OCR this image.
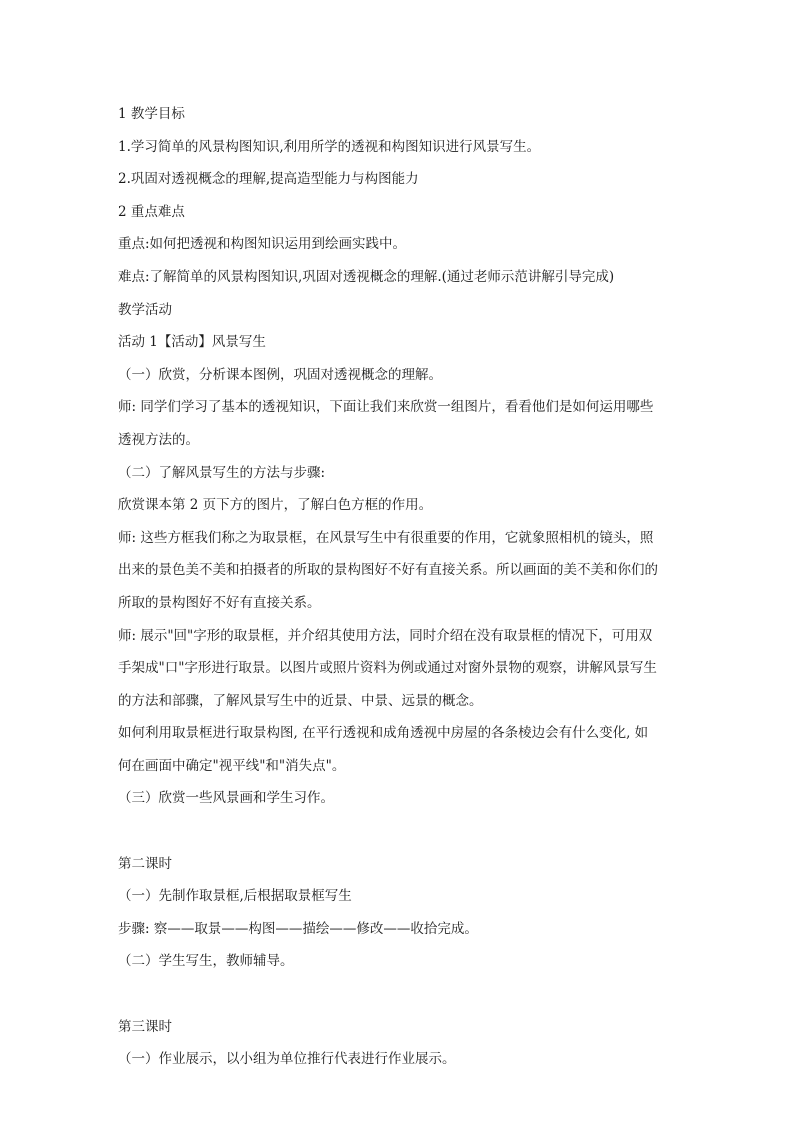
1 教学目标
1.学习简单的风景构图知识,利用所学的透视和构图知识进行风景写生。
2.巩固对透视概念的理解,提高造型能力与构图能力
2 重点难点
重点:如何把透视和构图知识运用到绘画实践中。
难点:了解简单的风景构图知识,巩固对透视概念的理解.(通过老师示范讲解引导完成)
教学活动
活动 1【活动】风景写生
（一）欣赏，分析课本图例，巩固对透视概念的理解。
师: 同学们学习了基本的透视知识，下面让我们来欣赏一组图片，看看他们是如何运用哪些
透视方法的。
（二）了解风景写生的方法与步骤:
欣赏课本第 2 页下方的图片，了解白色方框的作用。
师: 这些方框我们称之为取景框，在风景写生中有很重要的作用，它就象照相机的镜头，照
出来的景色美不美和拍摄者的所取的景构图好不好有直接关系。所以画面的美不美和你们的
所取的景构图好不好有直接关系。
师: 展示"回"字形的取景框，并介绍其使用方法，同时介绍在没有取景框的情况下，可用双
手架成"口"字形进行取景。以图片或照片资料为例或通过对窗外景物的观察，讲解风景写生
的方法和部骤，了解风景写生中的近景、中景、远景的概念。
如何利用取景框进行取景构图, 在平行透视和成角透视中房屋的各条棱边会有什么变化, 如
何在画面中确定"视平线"和"消失点"。
（三）欣赏一些风景画和学生习作。
第二课时
（一）先制作取景框,后根据取景框写生
步骤: 察——取景——构图——描绘——修改——收拾完成。
（二）学生写生，教师辅导。
第三课时
（一）作业展示，以小组为单位推行代表进行作业展示。
